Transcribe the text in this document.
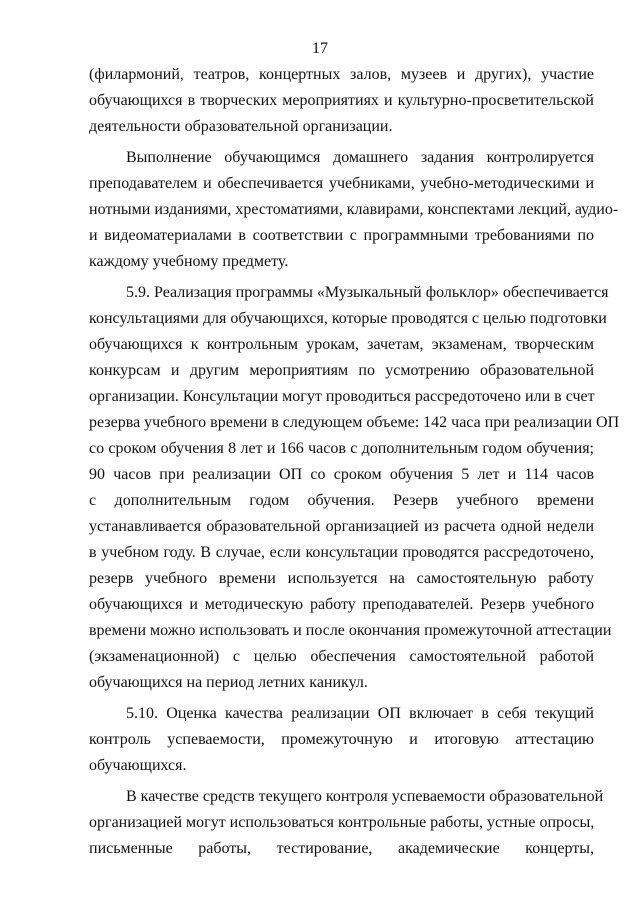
17
(филармоний, театров, концертных залов, музеев и других), участие
обучающихся в творческих мероприятиях и культурно-просветительской
деятельности образовательной организации.
Выполнение обучающимся домашнего задания контролируется
преподавателем и обеспечивается учебниками, учебно-методическими и
нотными изданиями, хрестоматиями, клавирами, конспектами лекций, аудио-
и видеоматериалами в соответствии с программными требованиями по
каждому учебному предмету.
5.9. Реализация программы «Музыкальный фольклор» обеспечивается
консультациями для обучающихся, которые проводятся с целью подготовки
обучающихся к контрольным урокам, зачетам, экзаменам, творческим
конкурсам и другим мероприятиям по усмотрению образовательной
организации. Консультации могут проводиться рассредоточено или в счет
резерва учебного времени в следующем объеме: 142 часа при реализации ОП
со сроком обучения 8 лет и 166 часов с дополнительным годом обучения;
90 часов при реализации ОП со сроком обучения 5 лет и 114 часов
с дополнительным годом обучения. Резерв учебного времени
устанавливается образовательной организацией из расчета одной недели
в учебном году. В случае, если консультации проводятся рассредоточено,
резерв учебного времени используется на самостоятельную работу
обучающихся и методическую работу преподавателей. Резерв учебного
времени можно использовать и после окончания промежуточной аттестации
(экзаменационной) с целью обеспечения самостоятельной работой
обучающихся на период летних каникул.
5.10. Оценка качества реализации ОП включает в себя текущий
контроль успеваемости, промежуточную и итоговую аттестацию
обучающихся.
В качестве средств текущего контроля успеваемости образовательной
организацией могут использоваться контрольные работы, устные опросы,
письменные работы, тестирование, академические концерты,
